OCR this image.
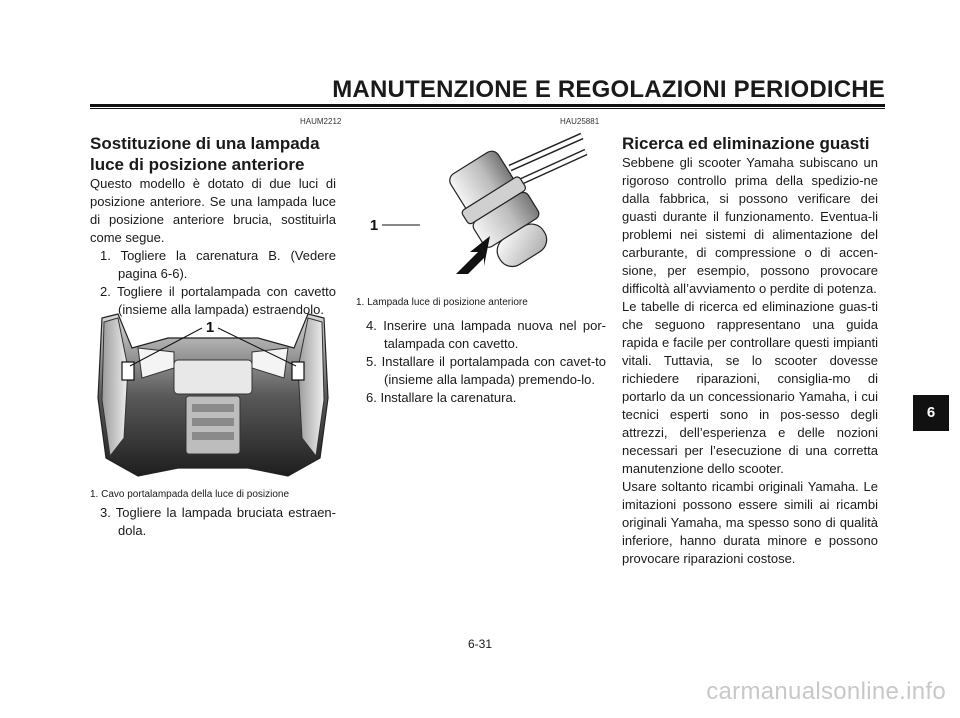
MANUTENZIONE E REGOLAZIONI PERIODICHE
HAUM2212

Sostituzione di una lampada

luce di posizione anteriore

Questo modello è dotato di due luci di posizione anteriore. Se una lampada luce di posizione anteriore brucia, sostituirla come segue.

1. Togliere la carenatura B. (Vedere pagina 6-6).

2. Togliere il portalampada con cavetto (insieme alla lampada) estraendolo.

1

1. Cavo portalampada della luce di posizione

3. Togliere la lampada bruciata estraen-dola.

HAU25881
1

1. Lampada luce di posizione anteriore

4. Inserire una lampada nuova nel por-talampada con cavetto.

5. Installare il portalampada con cavet-to (insieme alla lampada) premendo-lo.

6. Installare la carenatura.

Ricerca ed eliminazione guasti

Sebbene gli scooter Yamaha subiscano un rigoroso controllo prima della spedizio-ne dalla fabbrica, si possono verificare dei guasti durante il funzionamento. Eventua-li problemi nei sistemi di alimentazione del carburante, di compressione o di accen-sione, per esempio, possono provocare difficoltà all’avviamento o perdite di potenza.

Le tabelle di ricerca ed eliminazione guas-ti che seguono rappresentano una guida rapida e facile per controllare questi impianti vitali. Tuttavia, se lo scooter dovesse richiedere riparazioni, consiglia-mo di portarlo da un concessionario Yamaha, i cui tecnici esperti sono in pos-sesso degli attrezzi, dell’esperienza e delle nozioni necessari per l’esecuzione di una corretta manutenzione dello scooter.

Usare soltanto ricambi originali Yamaha. Le imitazioni possono essere simili ai ricambi originali Yamaha, ma spesso sono di qualità inferiore, hanno durata minore e possono provocare riparazioni costose.

6-31
6
carmanualsonline.info
